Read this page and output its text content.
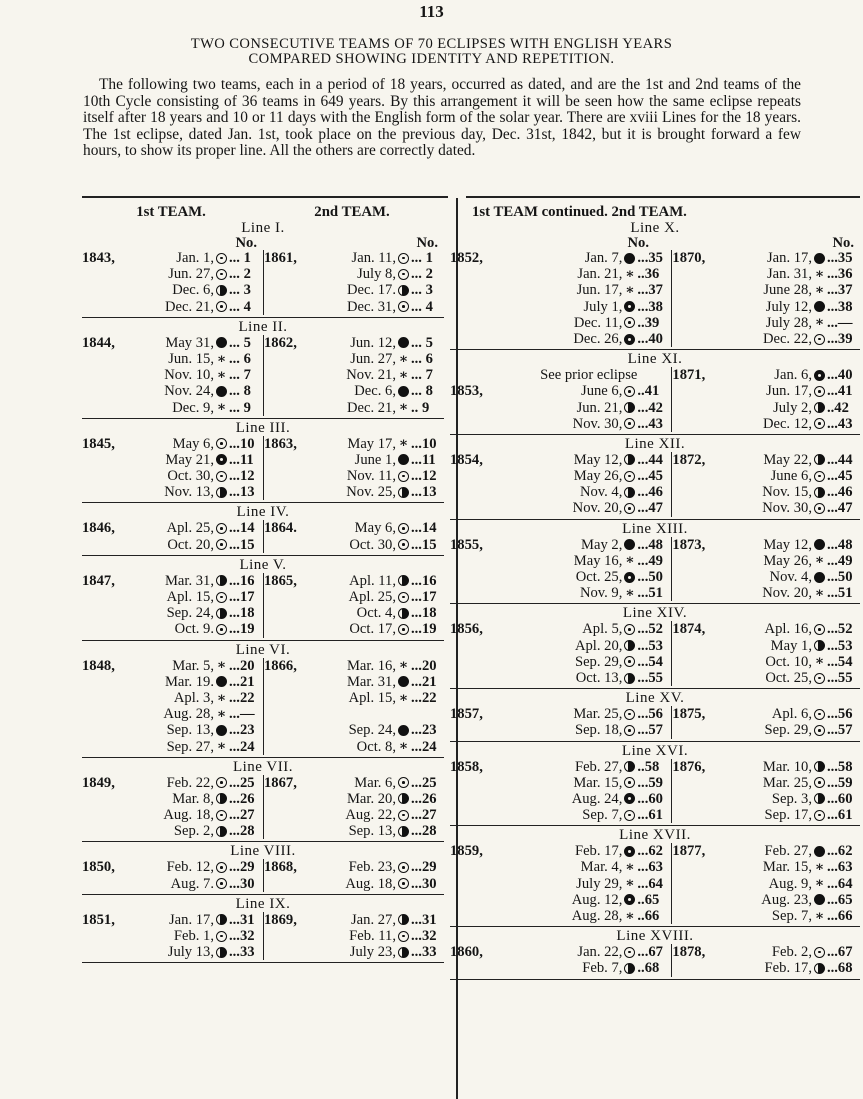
113
TWO CONSECUTIVE TEAMS OF 70 ECLIPSES WITH ENGLISH YEARS
COMPARED SHOWING IDENTITY AND REPETITION.
The following two teams, each in a period of 18 years, occurred as dated, and are the 1st and 2nd teams of the 10th Cycle consisting of 36 teams in 649 years. By this arrangement it will be seen how the same eclipse repeats itself after 18 years and 10 or 11 days with the English form of the solar year. There are xviii Lines for the 18 years. The 1st eclipse, dated Jan. 1st, took place on the previous day, Dec. 31st, 1842, but it is brought forward a few hours, to show its proper line. All the others are correctly dated.
1st TEAM.	2nd TEAM.
Line I.
No.	No.
1843,	Jan. 1, ... 1 1861,	Jan. 11, ... 1
Jun. 27, ... 2	July 8, ... 2
Dec. 6, ... 3	Dec. 17. ... 3
Dec. 21, ... 4	Dec. 31, ... 4
Line II.
1844,	May 31, ... 5 1862,	Jun. 12, ... 5
Jun. 15, ∗ ... 6	Jun. 27, ∗ ... 6
Nov. 10, ∗ ... 7	Nov. 21, ∗ ... 7
Nov. 24, ... 8	Dec. 6, ... 8
Dec. 9, ∗ ... 9	Dec. 21, ∗ .. 9
Line III.
1845,	May 6, ...10 1863,	May 17, ∗ ...10
May 21, ...11	June 1, ...11
Oct. 30, ...12	Nov. 11, ...12
Nov. 13, ...13	Nov. 25, ...13
Line IV.
1846,	Apl. 25, ...14 1864.	May 6, ...14
Oct. 20, ...15	Oct. 30, ...15
Line V.
1847,	Mar. 31, ...16 1865,	Apl. 11, ...16
Apl. 15, ...17	Apl. 25, ...17
Sep. 24, ...18	Oct. 4, ...18
Oct. 9. ...19	Oct. 17, ...19
Line VI.
1848,	Mar. 5, ∗ ...20 1866,	Mar. 16, ∗ ...20
Mar. 19. ...21	Mar. 31, ...21
Apl. 3, ∗ ...22	Apl. 15, ∗ ...22
Aug. 28, ∗ ...—
Sep. 13, ...23	Sep. 24, ...23
Sep. 27, ∗ ...24	Oct. 8, ∗ ...24
Line VII.
1849,	Feb. 22, ...25 1867,	Mar. 6, ...25
Mar. 8, ...26	Mar. 20, ...26
Aug. 18, ...27	Aug. 22, ...27
Sep. 2, ...28	Sep. 13, ...28
Line VIII.
1850,	Feb. 12, ...29 1868,	Feb. 23, ...29
Aug. 7. ...30	Aug. 18, ...30
Line IX.
1851,	Jan. 17, ...31 1869,	Jan. 27, ...31
Feb. 1, ...32	Feb. 11, ...32
July 13, ...33	July 23, ...33
1st TEAM continued. 2nd TEAM.
Line X.
No.	No.
1852,	Jan. 7, ...35 1870,	Jan. 17, ...35
Jan. 21, ∗ ..36	Jan. 31, ∗ ...36
Jun. 17, ∗ ...37	June 28, ∗ ...37
July 1, ...38	July 12, ...38
Dec. 11, ..39	July 28, ∗ ...—
Dec. 26, ...40	Dec. 22, ...39
Line XI.
See prior eclipse 1871,	Jan. 6, ...40
1853,	June 6, ..41	Jun. 17, ...41
Jun. 21, ...42	July 2, ..42
Nov. 30, ...43	Dec. 12, ...43
Line XII.
1854,	May 12, ...44 1872,	May 22, ...44
May 26, ...45	June 6, ...45
Nov. 4, ...46	Nov. 15, ...46
Nov. 20, ...47	Nov. 30, ...47
Line XIII.
1855,	May 2, ...48 1873,	May 12, ...48
May 16, ∗ ...49	May 26, ∗ ...49
Oct. 25, ...50	Nov. 4, ...50
Nov. 9, ∗ ...51	Nov. 20, ∗ ...51
Line XIV.
1856,	Apl. 5, ...52 1874,	Apl. 16, ...52
Apl. 20, ...53	May 1, ...53
Sep. 29, ...54	Oct. 10, ∗ ...54
Oct. 13, ...55	Oct. 25, ...55
Line XV.
1857,	Mar. 25, ...56 1875,	Apl. 6, ...56
Sep. 18, ...57	Sep. 29, ...57
Line XVI.
1858,	Feb. 27, ..58 1876,	Mar. 10, ...58
Mar. 15, ...59	Mar. 25, ...59
Aug. 24, ...60	Sep. 3, ...60
Sep. 7, ...61	Sep. 17, ...61
Line XVII.
1859,	Feb. 17, ...62 1877,	Feb. 27, ...62
Mar. 4, ∗ ...63	Mar. 15, ∗ ...63
July 29, ∗ ...64	Aug. 9, ∗ ...64
Aug. 12, ..65	Aug. 23, ...65
Aug. 28, ∗ ..66	Sep. 7, ∗ ...66
Line XVIII.
1860,	Jan. 22, ...67 1878,	Feb. 2, ...67
Feb. 7, ..68	Feb. 17, ...68
